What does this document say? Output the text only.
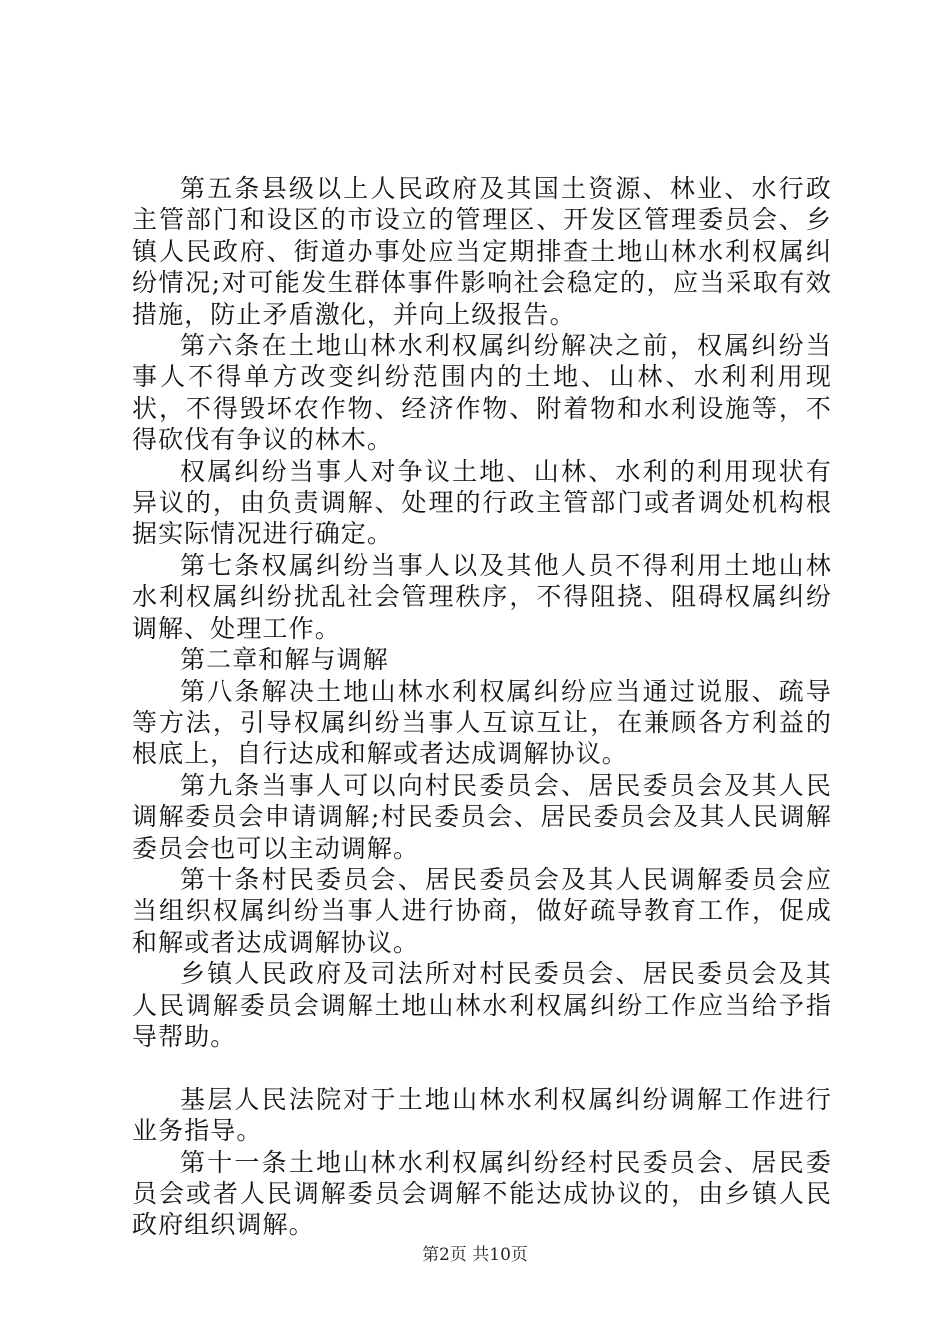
第五条县级以上人民政府及其国土资源、林业、水行政主管部门和设区的市设立的管理区、开发区管理委员会、乡镇人民政府、街道办事处应当定期排查土地山林水利权属纠纷情况;对可能发生群体事件影响社会稳定的，应当采取有效措施，防止矛盾激化，并向上级报告。

第六条在土地山林水利权属纠纷解决之前，权属纠纷当事人不得单方改变纠纷范围内的土地、山林、水利利用现状，不得毁坏农作物、经济作物、附着物和水利设施等，不得砍伐有争议的林木。

权属纠纷当事人对争议土地、山林、水利的利用现状有异议的，由负责调解、处理的行政主管部门或者调处机构根据实际情况进行确定。

第七条权属纠纷当事人以及其他人员不得利用土地山林水利权属纠纷扰乱社会管理秩序，不得阻挠、阻碍权属纠纷调解、处理工作。

第二章和解与调解

第八条解决土地山林水利权属纠纷应当通过说服、疏导等方法，引导权属纠纷当事人互谅互让，在兼顾各方利益的根底上，自行达成和解或者达成调解协议。

第九条当事人可以向村民委员会、居民委员会及其人民调解委员会申请调解;村民委员会、居民委员会及其人民调解委员会也可以主动调解。

第十条村民委员会、居民委员会及其人民调解委员会应当组织权属纠纷当事人进行协商，做好疏导教育工作，促成和解或者达成调解协议。

乡镇人民政府及司法所对村民委员会、居民委员会及其人民调解委员会调解土地山林水利权属纠纷工作应当给予指导帮助。

基层人民法院对于土地山林水利权属纠纷调解工作进行业务指导。

第十一条土地山林水利权属纠纷经村民委员会、居民委员会或者人民调解委员会调解不能达成协议的，由乡镇人民政府组织调解。

第2页 共10页
